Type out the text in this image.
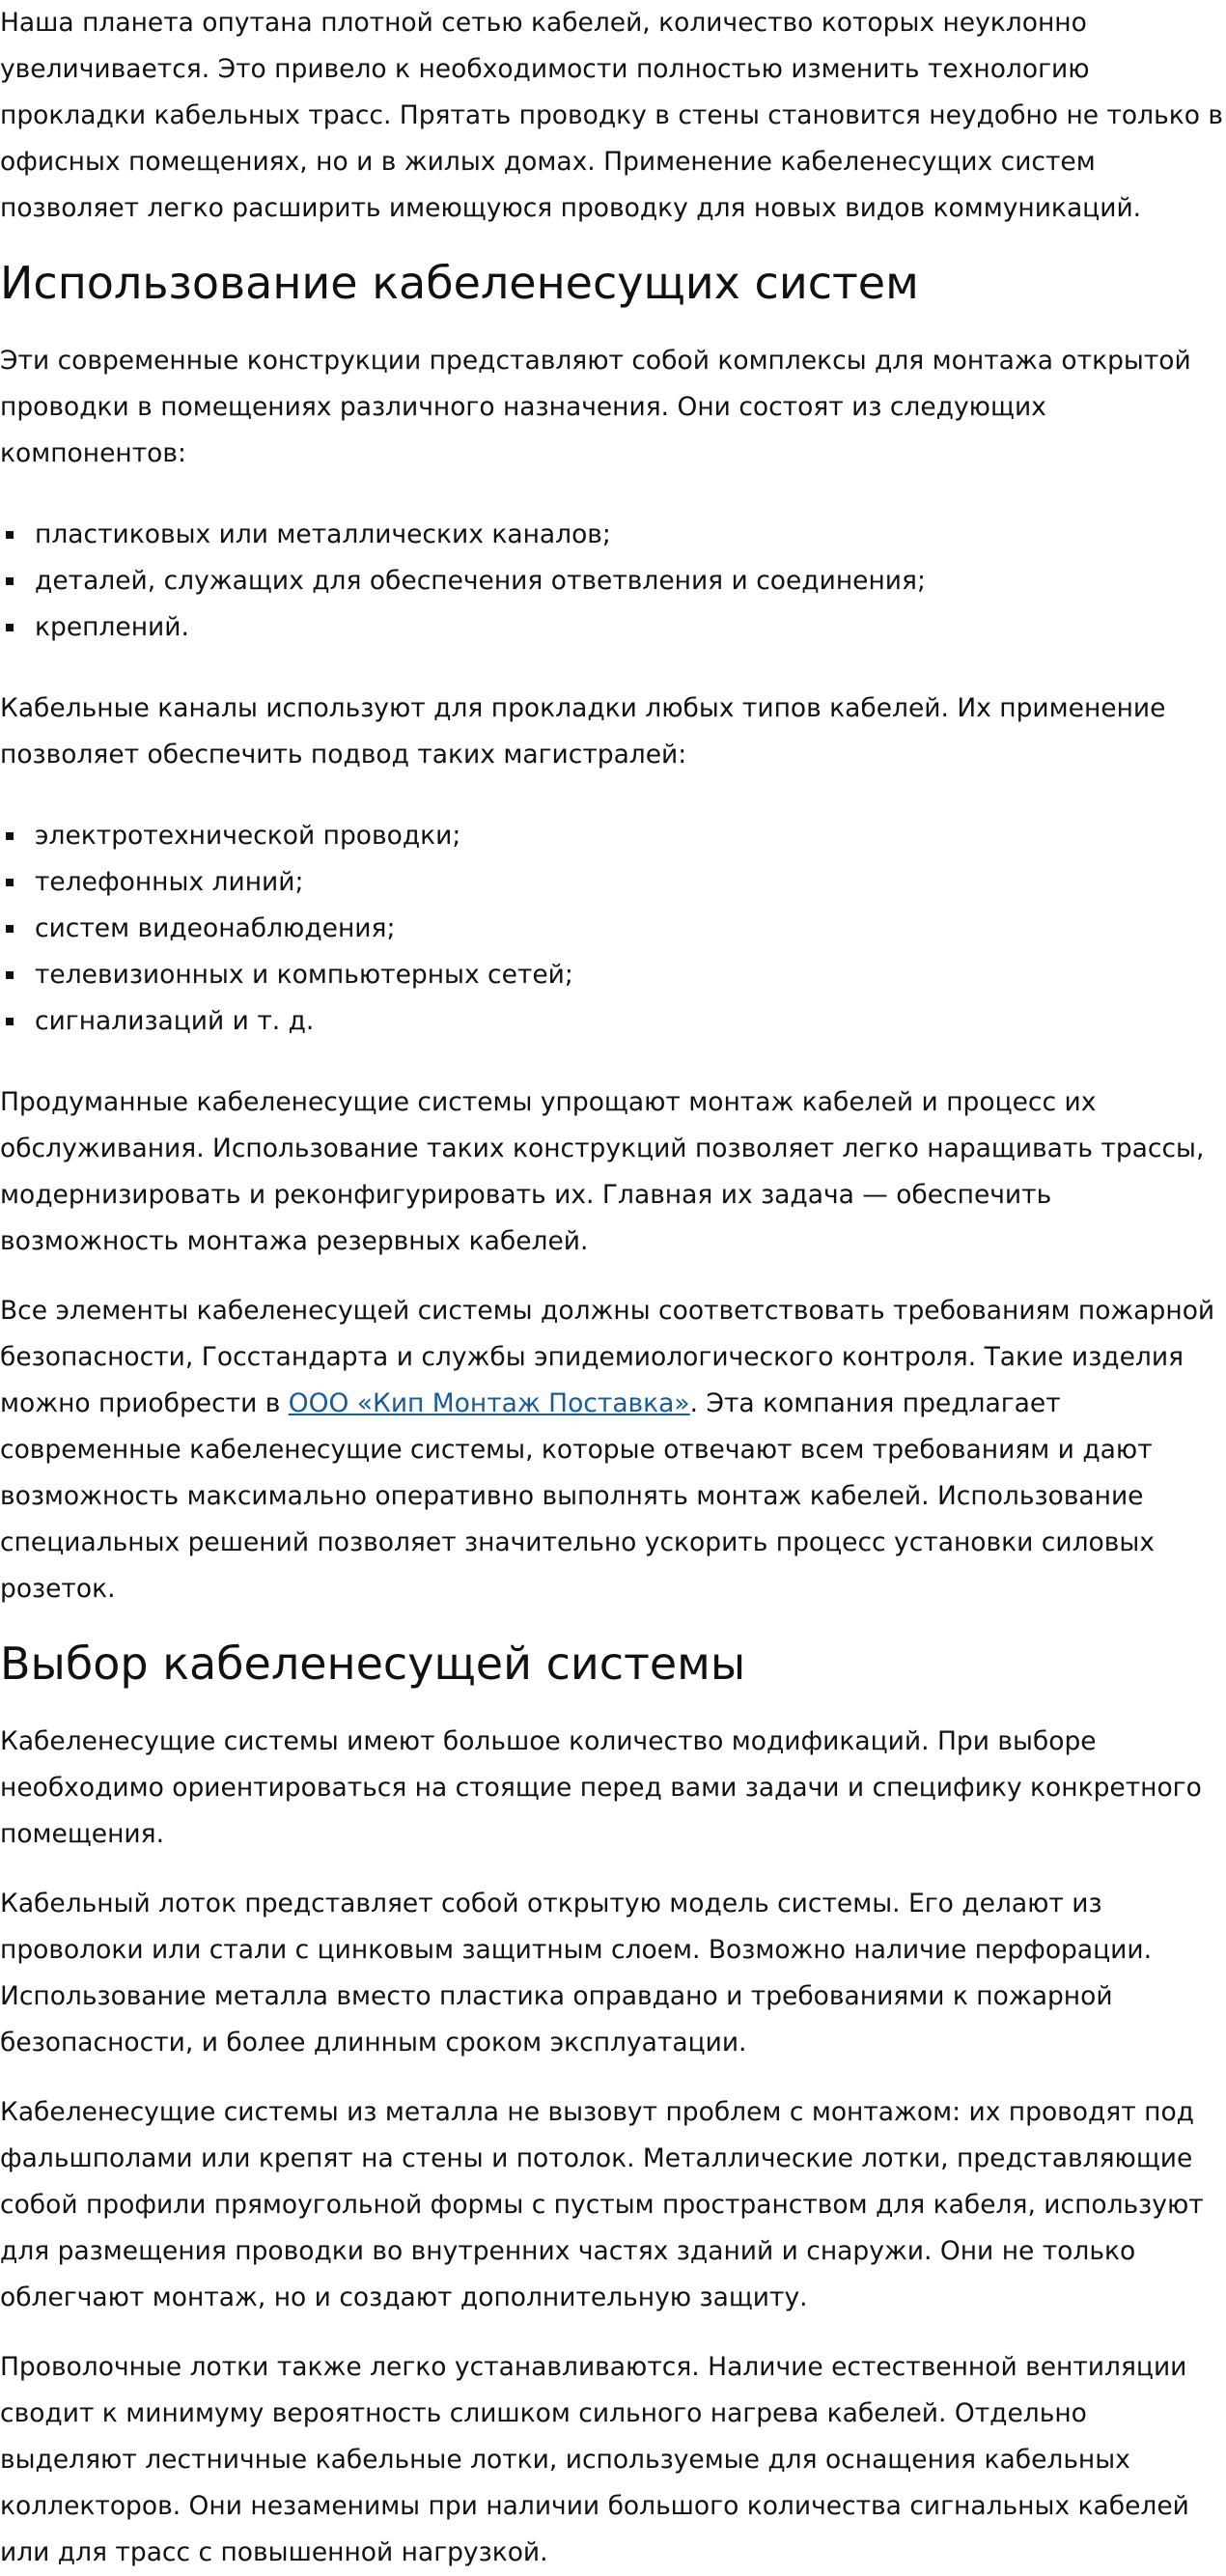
Наша планета опутана плотной сетью кабелей, количество которых неуклонно увеличивается. Это привело к необходимости полностью изменить технологию прокладки кабельных трасс. Прятать проводку в стены становится неудобно не только в офисных помещениях, но и в жилых домах. Применение кабеленесущих систем позволяет легко расширить имеющуюся проводку для новых видов коммуникаций.

Использование кабеленесущих систем

Эти современные конструкции представляют собой комплексы для монтажа открытой проводки в помещениях различного назначения. Они состоят из следующих компонентов:

пластиковых или металлических каналов;
деталей, служащих для обеспечения ответвления и соединения;
креплений.

Кабельные каналы используют для прокладки любых типов кабелей. Их применение позволяет обеспечить подвод таких магистралей:

электротехнической проводки;
телефонных линий;
систем видеонаблюдения;
телевизионных и компьютерных сетей;
сигнализаций и т. д.

Продуманные кабеленесущие системы упрощают монтаж кабелей и процесс их обслуживания. Использование таких конструкций позволяет легко наращивать трассы, модернизировать и реконфигурировать их. Главная их задача — обеспечить возможность монтажа резервных кабелей.

Все элементы кабеленесущей системы должны соответствовать требованиям пожарной безопасности, Госстандарта и службы эпидемиологического контроля. Такие изделия можно приобрести в ООО «Кип Монтаж Поставка». Эта компания предлагает современные кабеленесущие системы, которые отвечают всем требованиям и дают возможность максимально оперативно выполнять монтаж кабелей. Использование специальных решений позволяет значительно ускорить процесс установки силовых розеток.

Выбор кабеленесущей системы

Кабеленесущие системы имеют большое количество модификаций. При выборе необходимо ориентироваться на стоящие перед вами задачи и специфику конкретного помещения.

Кабельный лоток представляет собой открытую модель системы. Его делают из проволоки или стали с цинковым защитным слоем. Возможно наличие перфорации. Использование металла вместо пластика оправдано и требованиями к пожарной безопасности, и более длинным сроком эксплуатации.

Кабеленесущие системы из металла не вызовут проблем с монтажом: их проводят под фальшполами или крепят на стены и потолок. Металлические лотки, представляющие собой профили прямоугольной формы с пустым пространством для кабеля, используют для размещения проводки во внутренних частях зданий и снаружи. Они не только облегчают монтаж, но и создают дополнительную защиту.

Проволочные лотки также легко устанавливаются. Наличие естественной вентиляции сводит к минимуму вероятность слишком сильного нагрева кабелей. Отдельно выделяют лестничные кабельные лотки, используемые для оснащения кабельных коллекторов. Они незаменимы при наличии большого количества сигнальных кабелей или для трасс с повышенной нагрузкой.
